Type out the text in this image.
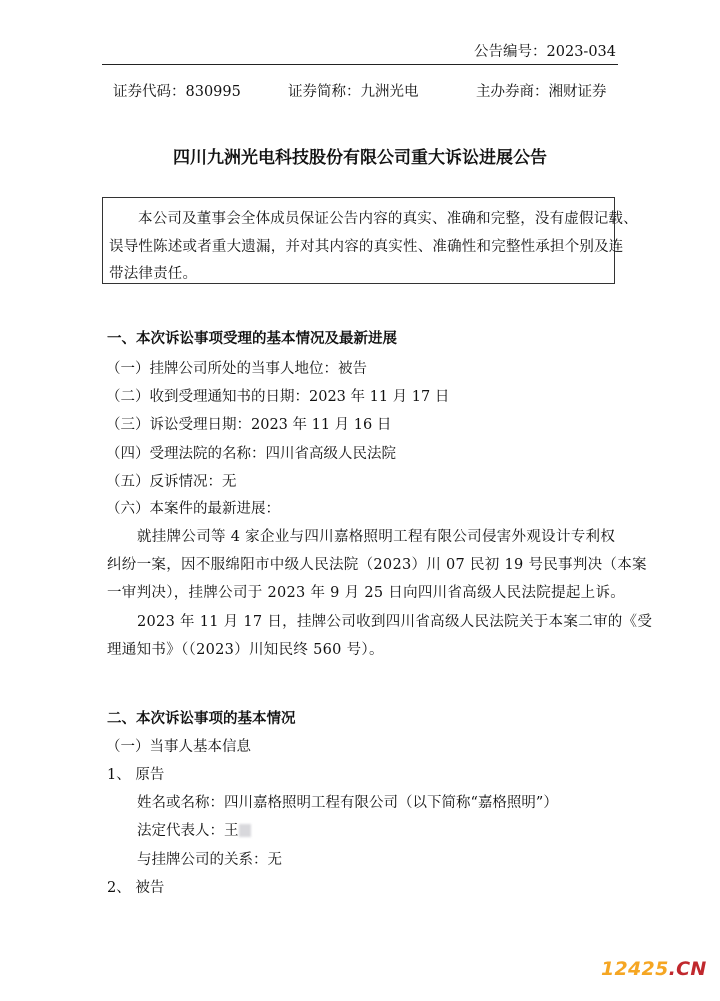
公告编号：2023-034
证券代码：830995	证券简称：九洲光电	主办券商：湘财证券
四川九洲光电科技股份有限公司重大诉讼进展公告
本公司及董事会全体成员保证公告内容的真实、准确和完整，没有虚假记载、
误导性陈述或者重大遗漏，并对其内容的真实性、准确性和完整性承担个别及连
带法律责任。
一、本次诉讼事项受理的基本情况及最新进展
（一）挂牌公司所处的当事人地位：被告
（二）收到受理通知书的日期：2023 年 11 月 17 日
（三）诉讼受理日期：2023 年 11 月 16 日
（四）受理法院的名称：四川省高级人民法院
（五）反诉情况：无
（六）本案件的最新进展：
就挂牌公司等 4 家企业与四川嘉格照明工程有限公司侵害外观设计专利权
纠纷一案，因不服绵阳市中级人民法院（2023）川 07 民初 19 号民事判决（本案
一审判决），挂牌公司于 2023 年 9 月 25 日向四川省高级人民法院提起上诉。
2023 年 11 月 17 日，挂牌公司收到四川省高级人民法院关于本案二审的《受
理通知书》（（2023）川知民终 560 号）。
二、本次诉讼事项的基本情况
（一）当事人基本信息
1、 原告
姓名或名称：四川嘉格照明工程有限公司（以下简称“嘉格照明”）
法定代表人：王
与挂牌公司的关系：无
2、 被告
12425.CN
